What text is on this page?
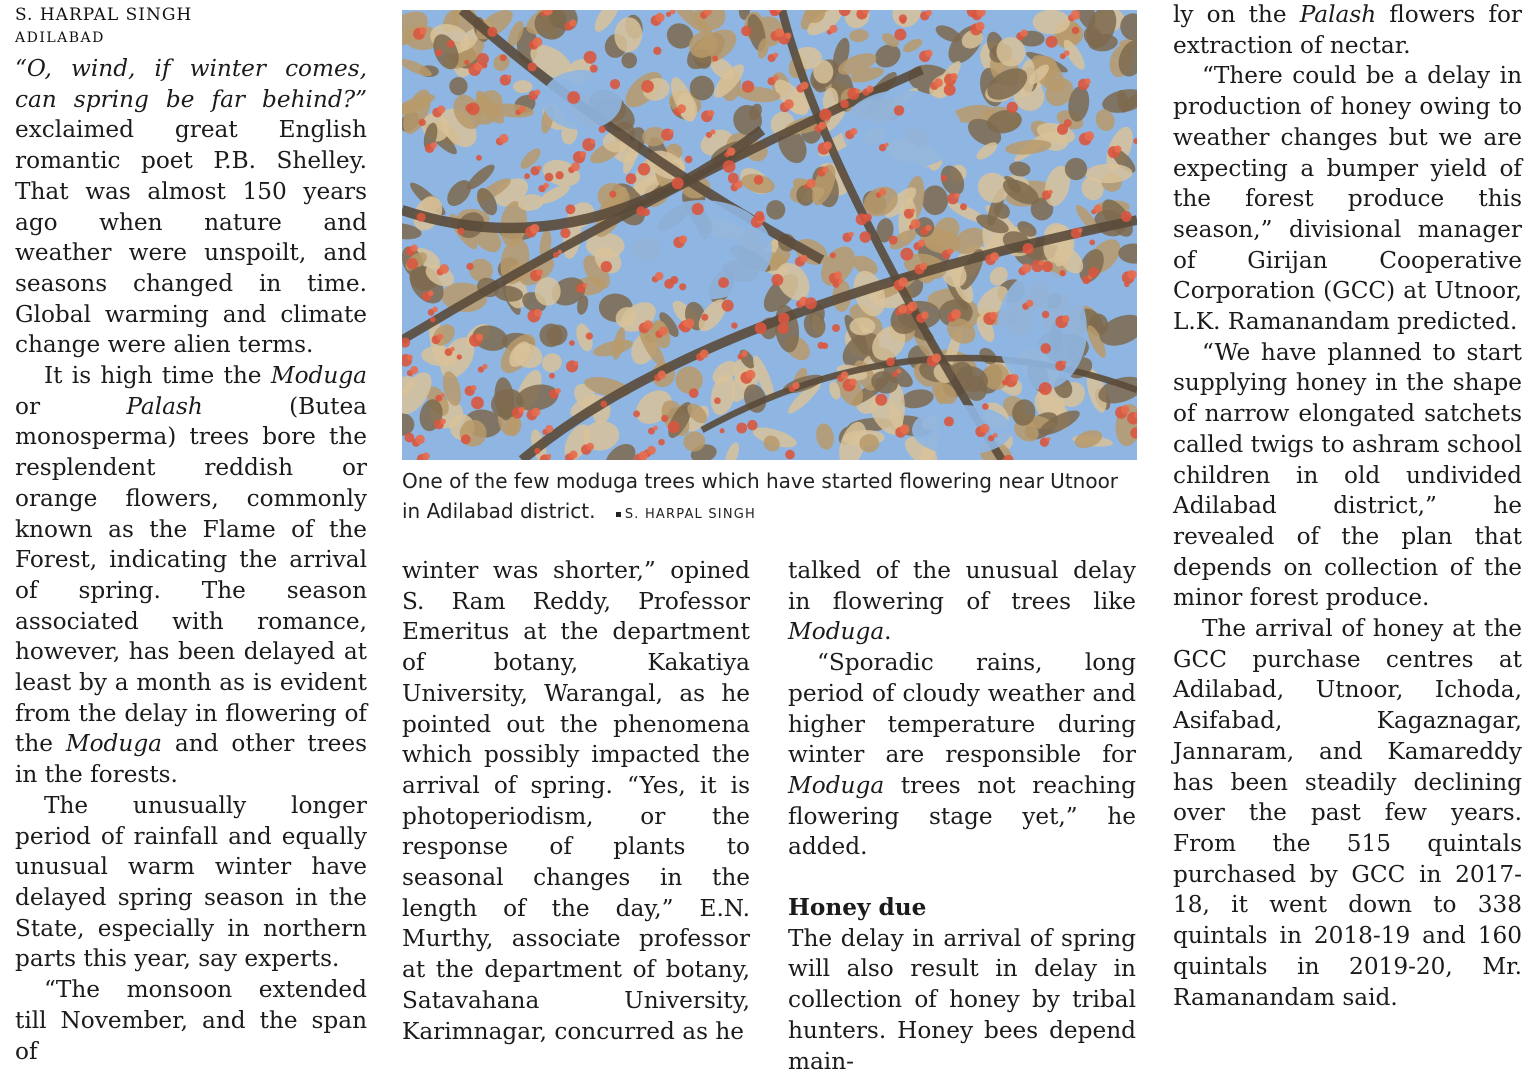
S. HARPAL SINGH
ADILABAD

“O, wind, if winter comes, can spring be far behind?” exclaimed great English romantic poet P.B. Shelley. That was almost 150 years ago when nature and weather were unspoilt, and seasons changed in time. Global warming and climate change were alien terms.

It is high time the Moduga or Palash (Butea monosperma) trees bore the resplendent reddish or orange flowers, commonly known as the Flame of the Forest, indicating the arrival of spring. The season associated with romance, however, has been delayed at least by a month as is evident from the delay in flowering of the Moduga and other trees in the forests.

The unusually longer period of rainfall and equally unusual warm winter have delayed spring season in the State, especially in northern parts this year, say experts.

“The monsoon extended till November, and the span of

One of the few moduga trees which have started flowering near Utnoor in Adilabad district. S. HARPAL SINGH

winter was shorter,” opined S. Ram Reddy, Professor Emeritus at the department of botany, Kakatiya University, Warangal, as he pointed out the phenomena which possibly impacted the arrival of spring. “Yes, it is photoperiodism, or the response of plants to seasonal changes in the length of the day,” E.N. Murthy, associate professor at the department of botany, Satavahana University, Karimnagar, concurred as he

talked of the unusual delay in flowering of trees like Moduga.

“Sporadic rains, long period of cloudy weather and higher temperature during winter are responsible for Moduga trees not reaching flowering stage yet,” he added.

Honey due

The delay in arrival of spring will also result in delay in collection of honey by tribal hunters. Honey bees depend main-

ly on the Palash flowers for extraction of nectar.

“There could be a delay in production of honey owing to weather changes but we are expecting a bumper yield of the forest produce this season,” divisional manager of Girijan Cooperative Corporation (GCC) at Utnoor, L.K. Ramanandam predicted.

“We have planned to start supplying honey in the shape of narrow elongated satchets called twigs to ashram school children in old undivided Adilabad district,” he revealed of the plan that depends on collection of the minor forest produce.

The arrival of honey at the GCC purchase centres at Adilabad, Utnoor, Ichoda, Asifabad, Kagaznagar, Jannaram, and Kamareddy has been steadily declining over the past few years. From the 515 quintals purchased by GCC in 2017-18, it went down to 338 quintals in 2018-19 and 160 quintals in 2019-20, Mr. Ramanandam said.
